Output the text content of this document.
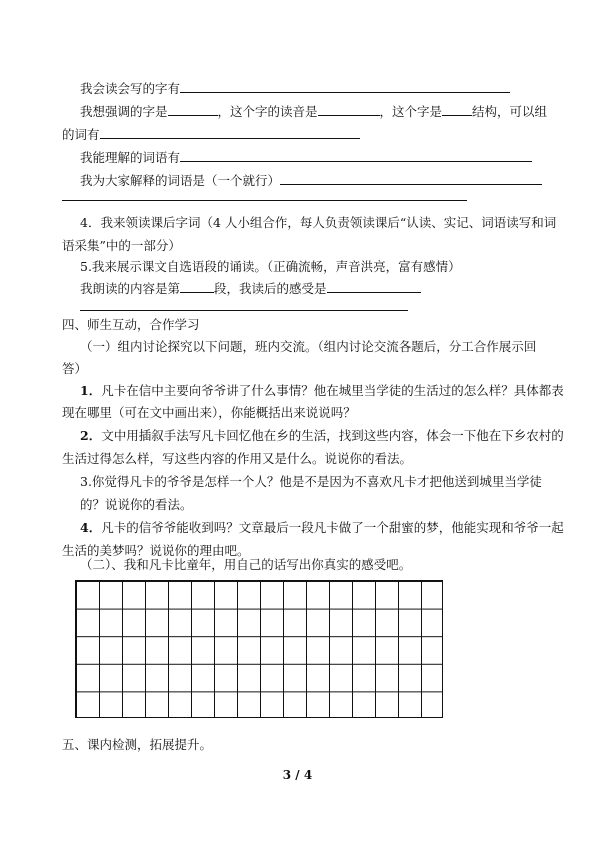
我会读会写的字有
我想强调的字是	，这个字的读音是	，这个字是 结构，可以组
的词有
我能理解的词语有
我为大家解释的词语是（一个就行）
4．我来领读课后字词（4 人小组合作，每人负责领读课后“认读、实记、词语读写和词
语采集”中的一部分）
5.我来展示课文自选语段的诵读。（正确流畅，声音洪亮，富有感情）
我朗读的内容是第	段，我读后的感受是
四、师生互动，合作学习
（一）组内讨论探究以下问题，班内交流。（组内讨论交流各题后，分工合作展示回
答）
1．凡卡在信中主要向爷爷讲了什么事情？他在城里当学徒的生活过的怎么样？具体都表
现在哪里（可在文中画出来），你能概括出来说说吗？
2．文中用插叙手法写凡卡回忆他在乡的生活，找到这些内容，体会一下他在下乡农村的
生活过得怎么样，写这些内容的作用又是什么。说说你的看法。
3.你觉得凡卡的爷爷是怎样一个人？他是不是因为不喜欢凡卡才把他送到城里当学徒
的？说说你的看法。
4．凡卡的信爷爷能收到吗？文章最后一段凡卡做了一个甜蜜的梦，他能实现和爷爷一起
生活的美梦吗？说说你的理由吧。
（二）、我和凡卡比童年，用自己的话写出你真实的感受吧。
五、课内检测，拓展提升。
3 / 4
